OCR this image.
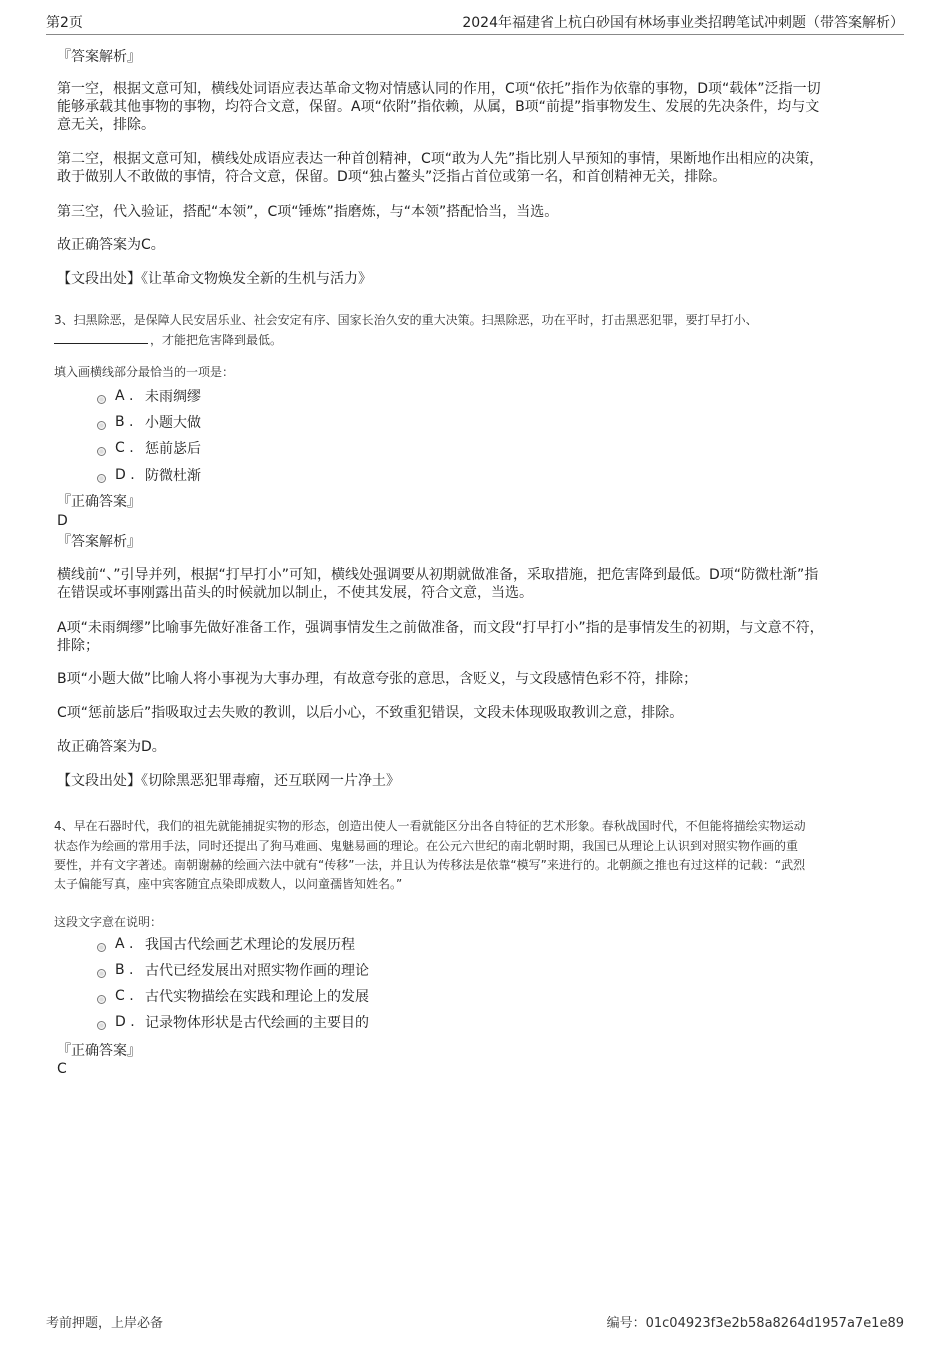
第2页	2024年福建省上杭白砂国有林场事业类招聘笔试冲刺题（带答案解析）

『答案解析』

第一空，根据文意可知，横线处词语应表达革命文物对情感认同的作用，C项“依托”指作为依靠的事物，D项“载体”泛指一切

能够承载其他事物的事物，均符合文意，保留。A项“依附”指依赖，从属，B项“前提”指事物发生、发展的先决条件，均与文

意无关，排除。

第二空，根据文意可知，横线处成语应表达一种首创精神，C项“敢为人先”指比别人早预知的事情，果断地作出相应的决策，

敢于做别人不敢做的事情，符合文意，保留。D项“独占鳌头”泛指占首位或第一名，和首创精神无关，排除。

第三空，代入验证，搭配“本领”，C项“锤炼”指磨炼，与“本领”搭配恰当，当选。

故正确答案为C。

【文段出处】《让革命文物焕发全新的生机与活力》

3、扫黑除恶，是保障人民安居乐业、社会安定有序、国家长治久安的重大决策。扫黑除恶，功在平时，打击黑恶犯罪，要打早打小、

，才能把危害降到最低。

填入画横线部分最恰当的一项是：

A . 未雨绸缪
B . 小题大做
C . 惩前毖后
D . 防微杜渐

『正确答案』

D

『答案解析』

横线前“、”引导并列，根据“打早打小”可知，横线处强调要从初期就做准备，采取措施，把危害降到最低。D项“防微杜渐”指

在错误或坏事刚露出苗头的时候就加以制止，不使其发展，符合文意，当选。

A项“未雨绸缪”比喻事先做好准备工作，强调事情发生之前做准备，而文段“打早打小”指的是事情发生的初期，与文意不符，

排除；

B项“小题大做”比喻人将小事视为大事办理，有故意夸张的意思，含贬义，与文段感情色彩不符，排除；

C项“惩前毖后”指吸取过去失败的教训，以后小心，不致重犯错误，文段未体现吸取教训之意，排除。

故正确答案为D。

【文段出处】《切除黑恶犯罪毒瘤，还互联网一片净土》

4、早在石器时代，我们的祖先就能捕捉实物的形态，创造出使人一看就能区分出各自特征的艺术形象。春秋战国时代，不但能将描绘实物运动

状态作为绘画的常用手法，同时还提出了狗马难画、鬼魅易画的理论。在公元六世纪的南北朝时期，我国已从理论上认识到对照实物作画的重

要性，并有文字著述。南朝谢赫的绘画六法中就有“传移”一法，并且认为传移法是依靠“模写”来进行的。北朝颜之推也有过这样的记载：“武烈

太子偏能写真，座中宾客随宜点染即成数人，以问童孺皆知姓名。”

这段文字意在说明：

A . 我国古代绘画艺术理论的发展历程
B . 古代已经发展出对照实物作画的理论
C . 古代实物描绘在实践和理论上的发展
D . 记录物体形状是古代绘画的主要目的

『正确答案』

C

考前押题，上岸必备	编号：01c04923f3e2b58a8264d1957a7e1e89
